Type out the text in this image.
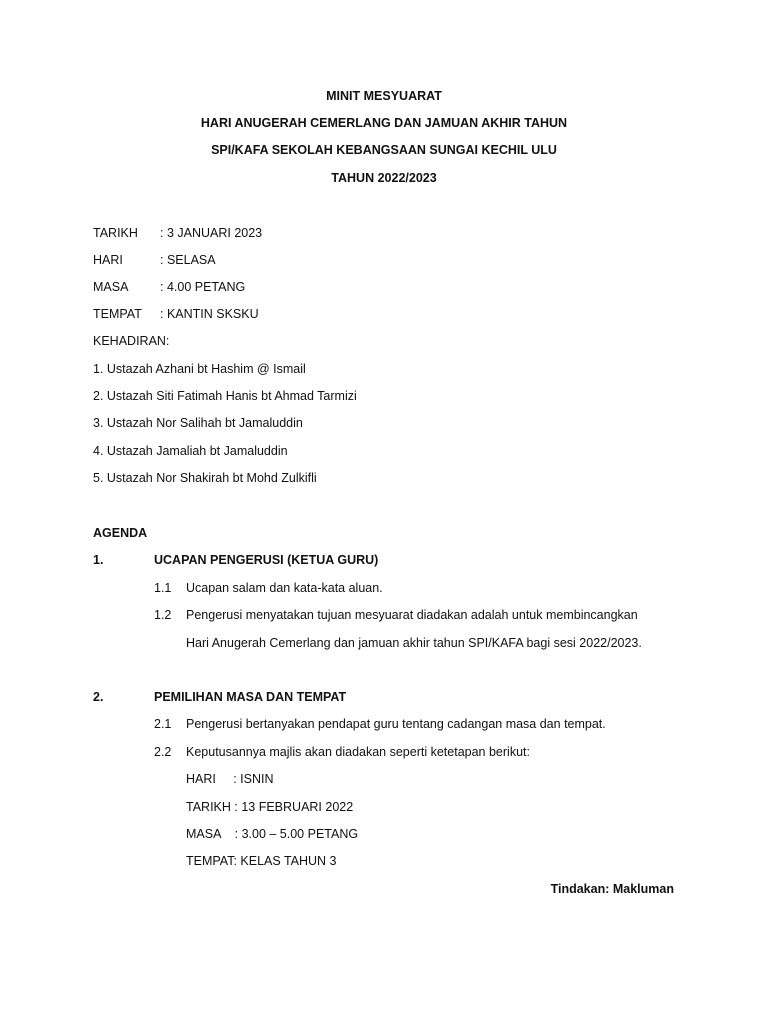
MINIT MESYUARAT
HARI ANUGERAH CEMERLANG DAN JAMUAN AKHIR TAHUN
SPI/KAFA SEKOLAH KEBANGSAAN SUNGAI KECHIL ULU
TAHUN 2022/2023
TARIKH : 3 JANUARI 2023
HARI	: SELASA
MASA	: 4.00 PETANG
TEMPAT : KANTIN SKSKU
KEHADIRAN:
1. Ustazah Azhani bt Hashim @ Ismail
2. Ustazah Siti Fatimah Hanis bt Ahmad Tarmizi
3. Ustazah Nor Salihah bt Jamaluddin
4. Ustazah Jamaliah bt Jamaluddin
5. Ustazah Nor Shakirah bt Mohd Zulkifli
AGENDA
1.	UCAPAN PENGERUSI (KETUA GURU)
1.1 Ucapan salam dan kata-kata aluan.
1.2 Pengerusi menyatakan tujuan mesyuarat diadakan adalah untuk membincangkan
Hari Anugerah Cemerlang dan jamuan akhir tahun SPI/KAFA bagi sesi 2022/2023.
2.	PEMILIHAN MASA DAN TEMPAT
2.1 Pengerusi bertanyakan pendapat guru tentang cadangan masa dan tempat.
2.2 Keputusannya majlis akan diadakan seperti ketetapan berikut:
HARI     : ISNIN
TARIKH : 13 FEBRUARI 2022
MASA    : 3.00 – 5.00 PETANG
TEMPAT: KELAS TAHUN 3
Tindakan: Makluman
